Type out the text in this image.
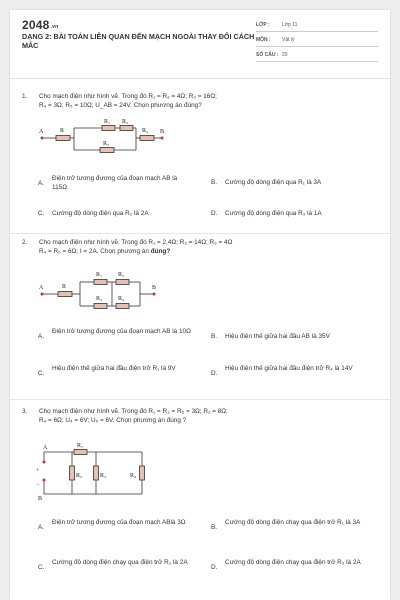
$2048^{.vn}$
DẠNG 2: BÀI TOÁN LIÊN QUAN ĐẾN MẠCH NGOÀI THAY ĐỔI CÁCH MẮC
LỚP : Lớp 11
MÔN : Vật lý
SỐ CÂU : 20
1. Cho mạch điện như hình vẽ. Trong đó R₁ = R₂ = 4Ω; R₃ = 16Ω;
R₄ = 3Ω; R₅ = 10Ω; U_AB = 24V. Chọn phương án đúng?
A	B
R
R₁ R₂
R₃
R₄
A.
Điện trở tương đương của đoạn mạch AB là 115Ω
B. Cường độ dòng điện qua R₁ là 3A
C. Cường độ dòng điện qua R₂ là 2A	D. Cường độ dòng điện qua R₃ là 1A
2. Cho mạch điện như hình vẽ. Trong đó R₁ = 2,4Ω; R₂ = 14Ω; R₃ = 4Ω
R₄ = R₅ = 6Ω; I = 2A. Chọn phương án đúng?
A	B
R
R₁	R₂
R₃	R₄
A.
Điện trở tương đương của đoạn mạch AB là 10Ω
B. Hiệu điện thế giữa hai đầu AB là 35V
C.
Hiệu điện thế giữa hai đầu điện trở R₁ là 9V
D.
Hiệu điện thế giữa hai đầu điện trở R₄ là 14V
3. Cho mạch điện như hình vẽ. Trong đó R₁ = R₃ = R₅ = 3Ω; R₂ = 8Ω;
R₄ = 6Ω; U₄ = 6V; U₅ = 6V. Chọn phương án đúng ?
A
B
+
−
R₁
R₂	R₃	R₄
A.
Điện trở tương đương của đoạn mạch ABlà 3Ω
B.
Cường độ dòng điện chạy qua điện trở R₁ là 3A
C.
Cường độ dòng điện chạy qua điện trở R₂ là 2A
D.
Cường độ dòng điện chạy qua điện trở R₃ là 2A
